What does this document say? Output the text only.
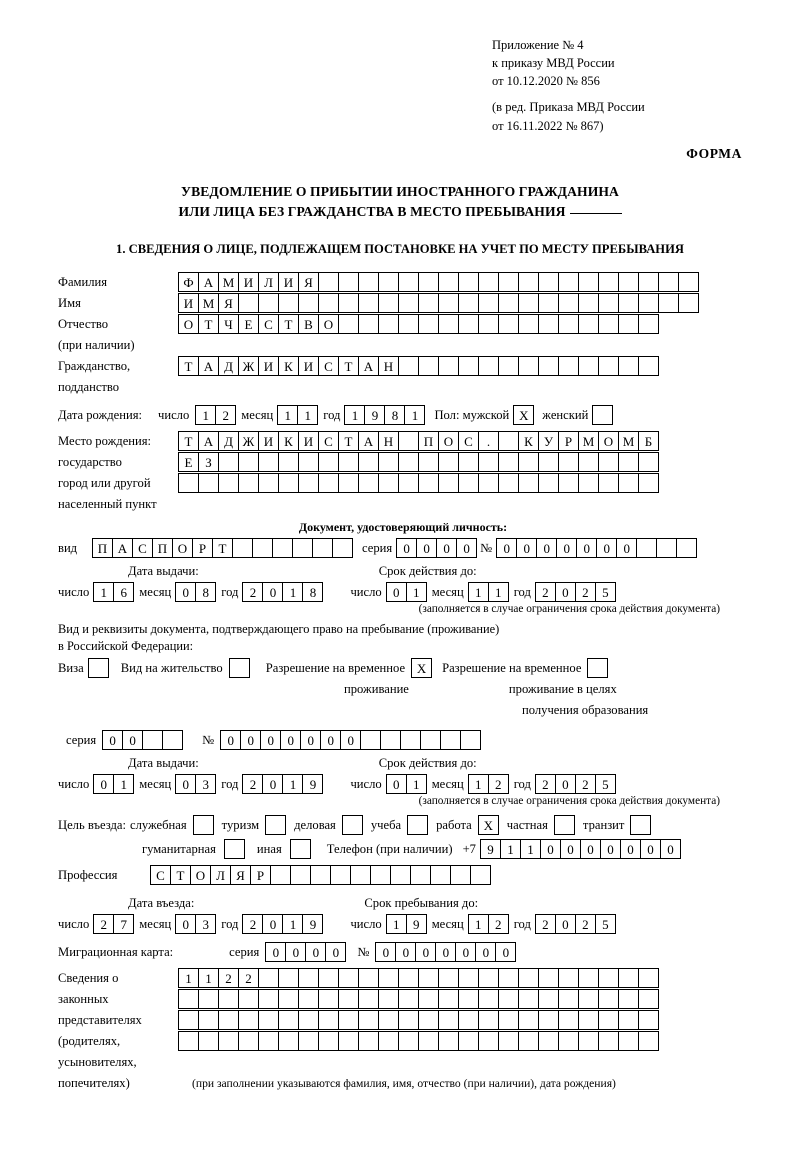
Приложение № 4
к приказу МВД России
от 10.12.2020 № 856
(в ред. Приказа МВД России
от 16.11.2022 № 867)
ФОРМА
УВЕДОМЛЕНИЕ О ПРИБЫТИИ ИНОСТРАННОГО ГРАЖДАНИНА
ИЛИ ЛИЦА БЕЗ ГРАЖДАНСТВА В МЕСТО ПРЕБЫВАНИЯ
1. СВЕДЕНИЯ О ЛИЦЕ, ПОДЛЕЖАЩЕМ ПОСТАНОВКЕ НА УЧЕТ ПО МЕСТУ ПРЕБЫВАНИЯ
Фамилия	Ф А М И Л И Я
Имя	И М Я
Отчество	О Т Ч Е С Т В О
(при наличии)
Гражданство,	Т А Д Ж И К И С Т А Н
подданство
Дата рождения: число	1	2 месяц 1	1 год 1	9	8	1	Пол: мужской Х	женский
Место рождения:	Т А Д Ж И К И С Т А Н	П О С	.	К У Р М О М Б
государство	Е З
город или другой
населенный пункт
Документ, удостоверяющий личность:
вид	П А С П О Р Т	серия 0	0	0	0 № 0	0	0	0	0	0	0
Дата выдачи:	Срок действия до:
число 1	6 месяц 0	8 год 2	0	1	8	число 0	1 месяц 1	1 год 2	0	2	5
(заполняется в случае ограничения срока действия документа)
Вид и реквизиты документа, подтверждающего право на пребывание (проживание)
в Российской Федерации:
Виза	Вид на жительство	Разрешение на временное Х	Разрешение на временное
проживание	проживание в целях
получения образования
серия	0	0	№	0	0	0	0	0	0	0
Дата выдачи:	Срок действия до:
число 0	1 месяц 0	3 год 2	0	1	9	число 0	1 месяц 1	2 год 2	0	2	5
(заполняется в случае ограничения срока действия документа)
Цель въезда: служебная	туризм	деловая	учеба	работа Х	частная	транзит
гуманитарная	иная	Телефон (при наличии) +7 9	1	1	0	0	0	0	0	0	0
Профессия	С Т О Л Я Р
Дата въезда:	Срок пребывания до:
число 2	7 месяц 0	3 год 2	0	1	9	число 1	9 месяц 1	2 год 2	0	2	5
Миграционная карта:	серия	0	0	0	0	№	0	0	0	0	0	0	0
Сведения о	1	1	2	2
законных
представителях
(родителях,
усыновителях,
попечителях)	(при заполнении указываются фамилия, имя, отчество (при наличии), дата рождения)
